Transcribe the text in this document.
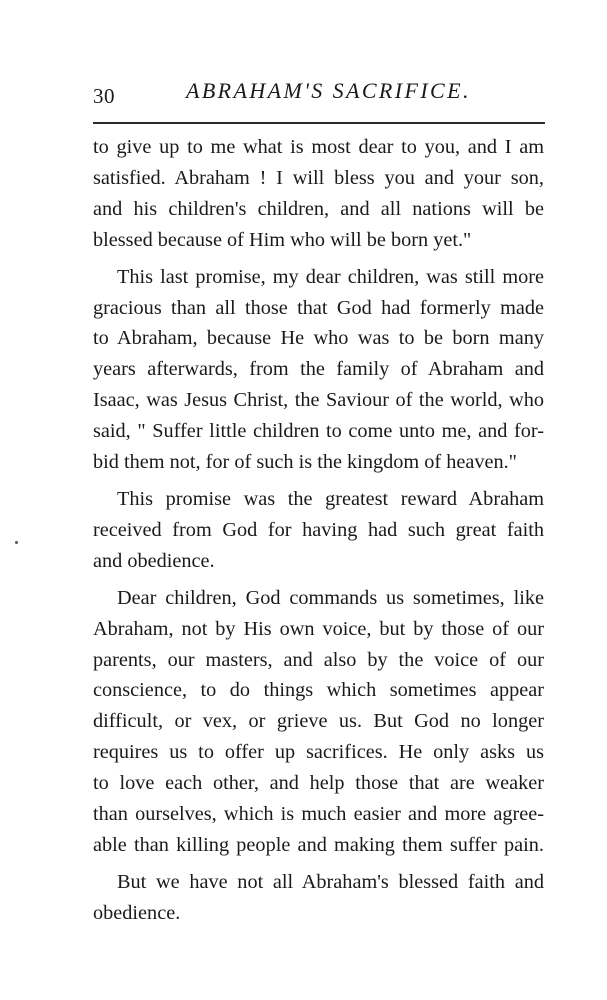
30	ABRAHAM'S SACRIFICE.

to give up to me what is most dear to you, and I am
satisfied. Abraham ! I will bless you and your son,
and his children's children, and all nations will be
blessed because of Him who will be born yet."

This last promise, my dear children, was still more
gracious than all those that God had formerly made
to Abraham, because He who was to be born many
years afterwards, from the family of Abraham and
Isaac, was Jesus Christ, the Saviour of the world, who
said, " Suffer little children to come unto me, and for-
bid them not, for of such is the kingdom of heaven."

This promise was the greatest reward Abraham
received from God for having had such great faith
and obedience.

Dear children, God commands us sometimes, like
Abraham, not by His own voice, but by those of our
parents, our masters, and also by the voice of our
conscience, to do things which sometimes appear
difficult, or vex, or grieve us. But God no longer
requires us to offer up sacrifices. He only asks us
to love each other, and help those that are weaker
than ourselves, which is much easier and more agree-
able than killing people and making them suffer pain.

But we have not all Abraham's blessed faith and
obedience.
